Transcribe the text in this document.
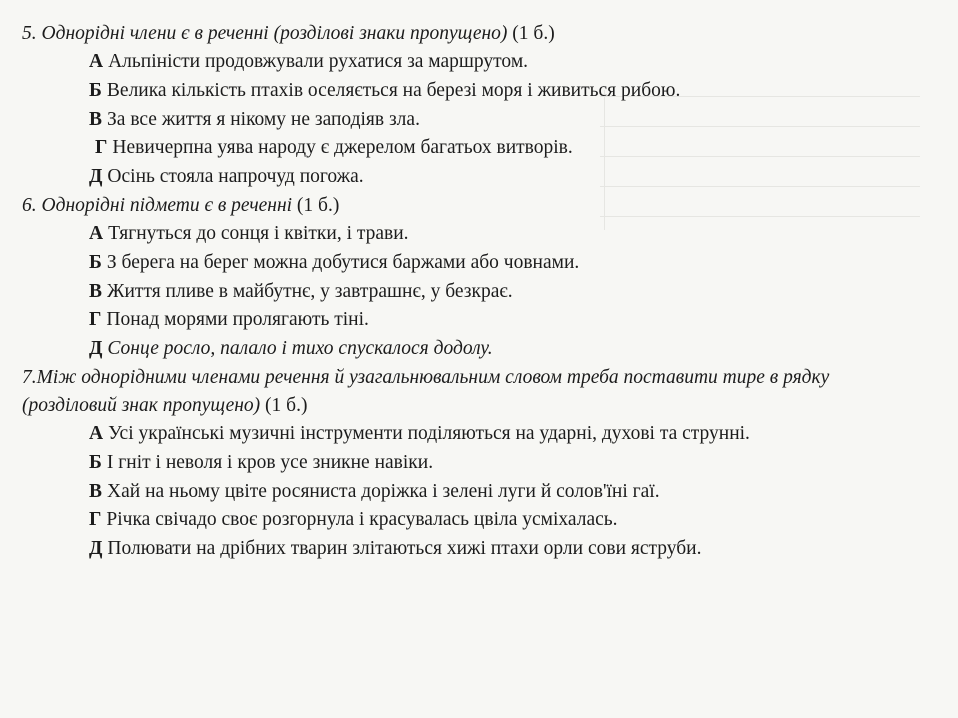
5. Однорідні члени є в реченні (розділові знаки пропущено) (1 б.)
А Альпіністи продовжували рухатися за маршрутом.
Б Велика кількість птахів оселяється на березі моря і живиться рибою.
В За все життя я нікому не заподіяв зла.
Г Невичерпна уява народу є джерелом багатьох витворів.
Д Осінь стояла напрочуд погожа.
6. Однорідні підмети є в реченні (1 б.)
А Тягнуться до сонця і квітки, і трави.
Б З берега на берег можна добутися баржами або човнами.
В Життя пливе в майбутнє, у завтрашнє, у безкрає.
Г Понад морями пролягають тіні.
Д Сонце росло, палало і тихо спускалося додолу.
7.Між однорідними членами речення й узагальнювальним словом треба поставити тире в рядку (розділовий знак пропущено) (1 б.)
А Усі українські музичні інструменти поділяються на ударні, духові та струнні.
Б І гніт і неволя і кров усе зникне навіки.
В Хай на ньому цвіте росяниста доріжка і зелені луги й солов'їні гаї.
Г Річка свічадо своє розгорнула і красувалась цвіла усміхалась.
Д Полювати на дрібних тварин злітаються хижі птахи орли сови яструби.
